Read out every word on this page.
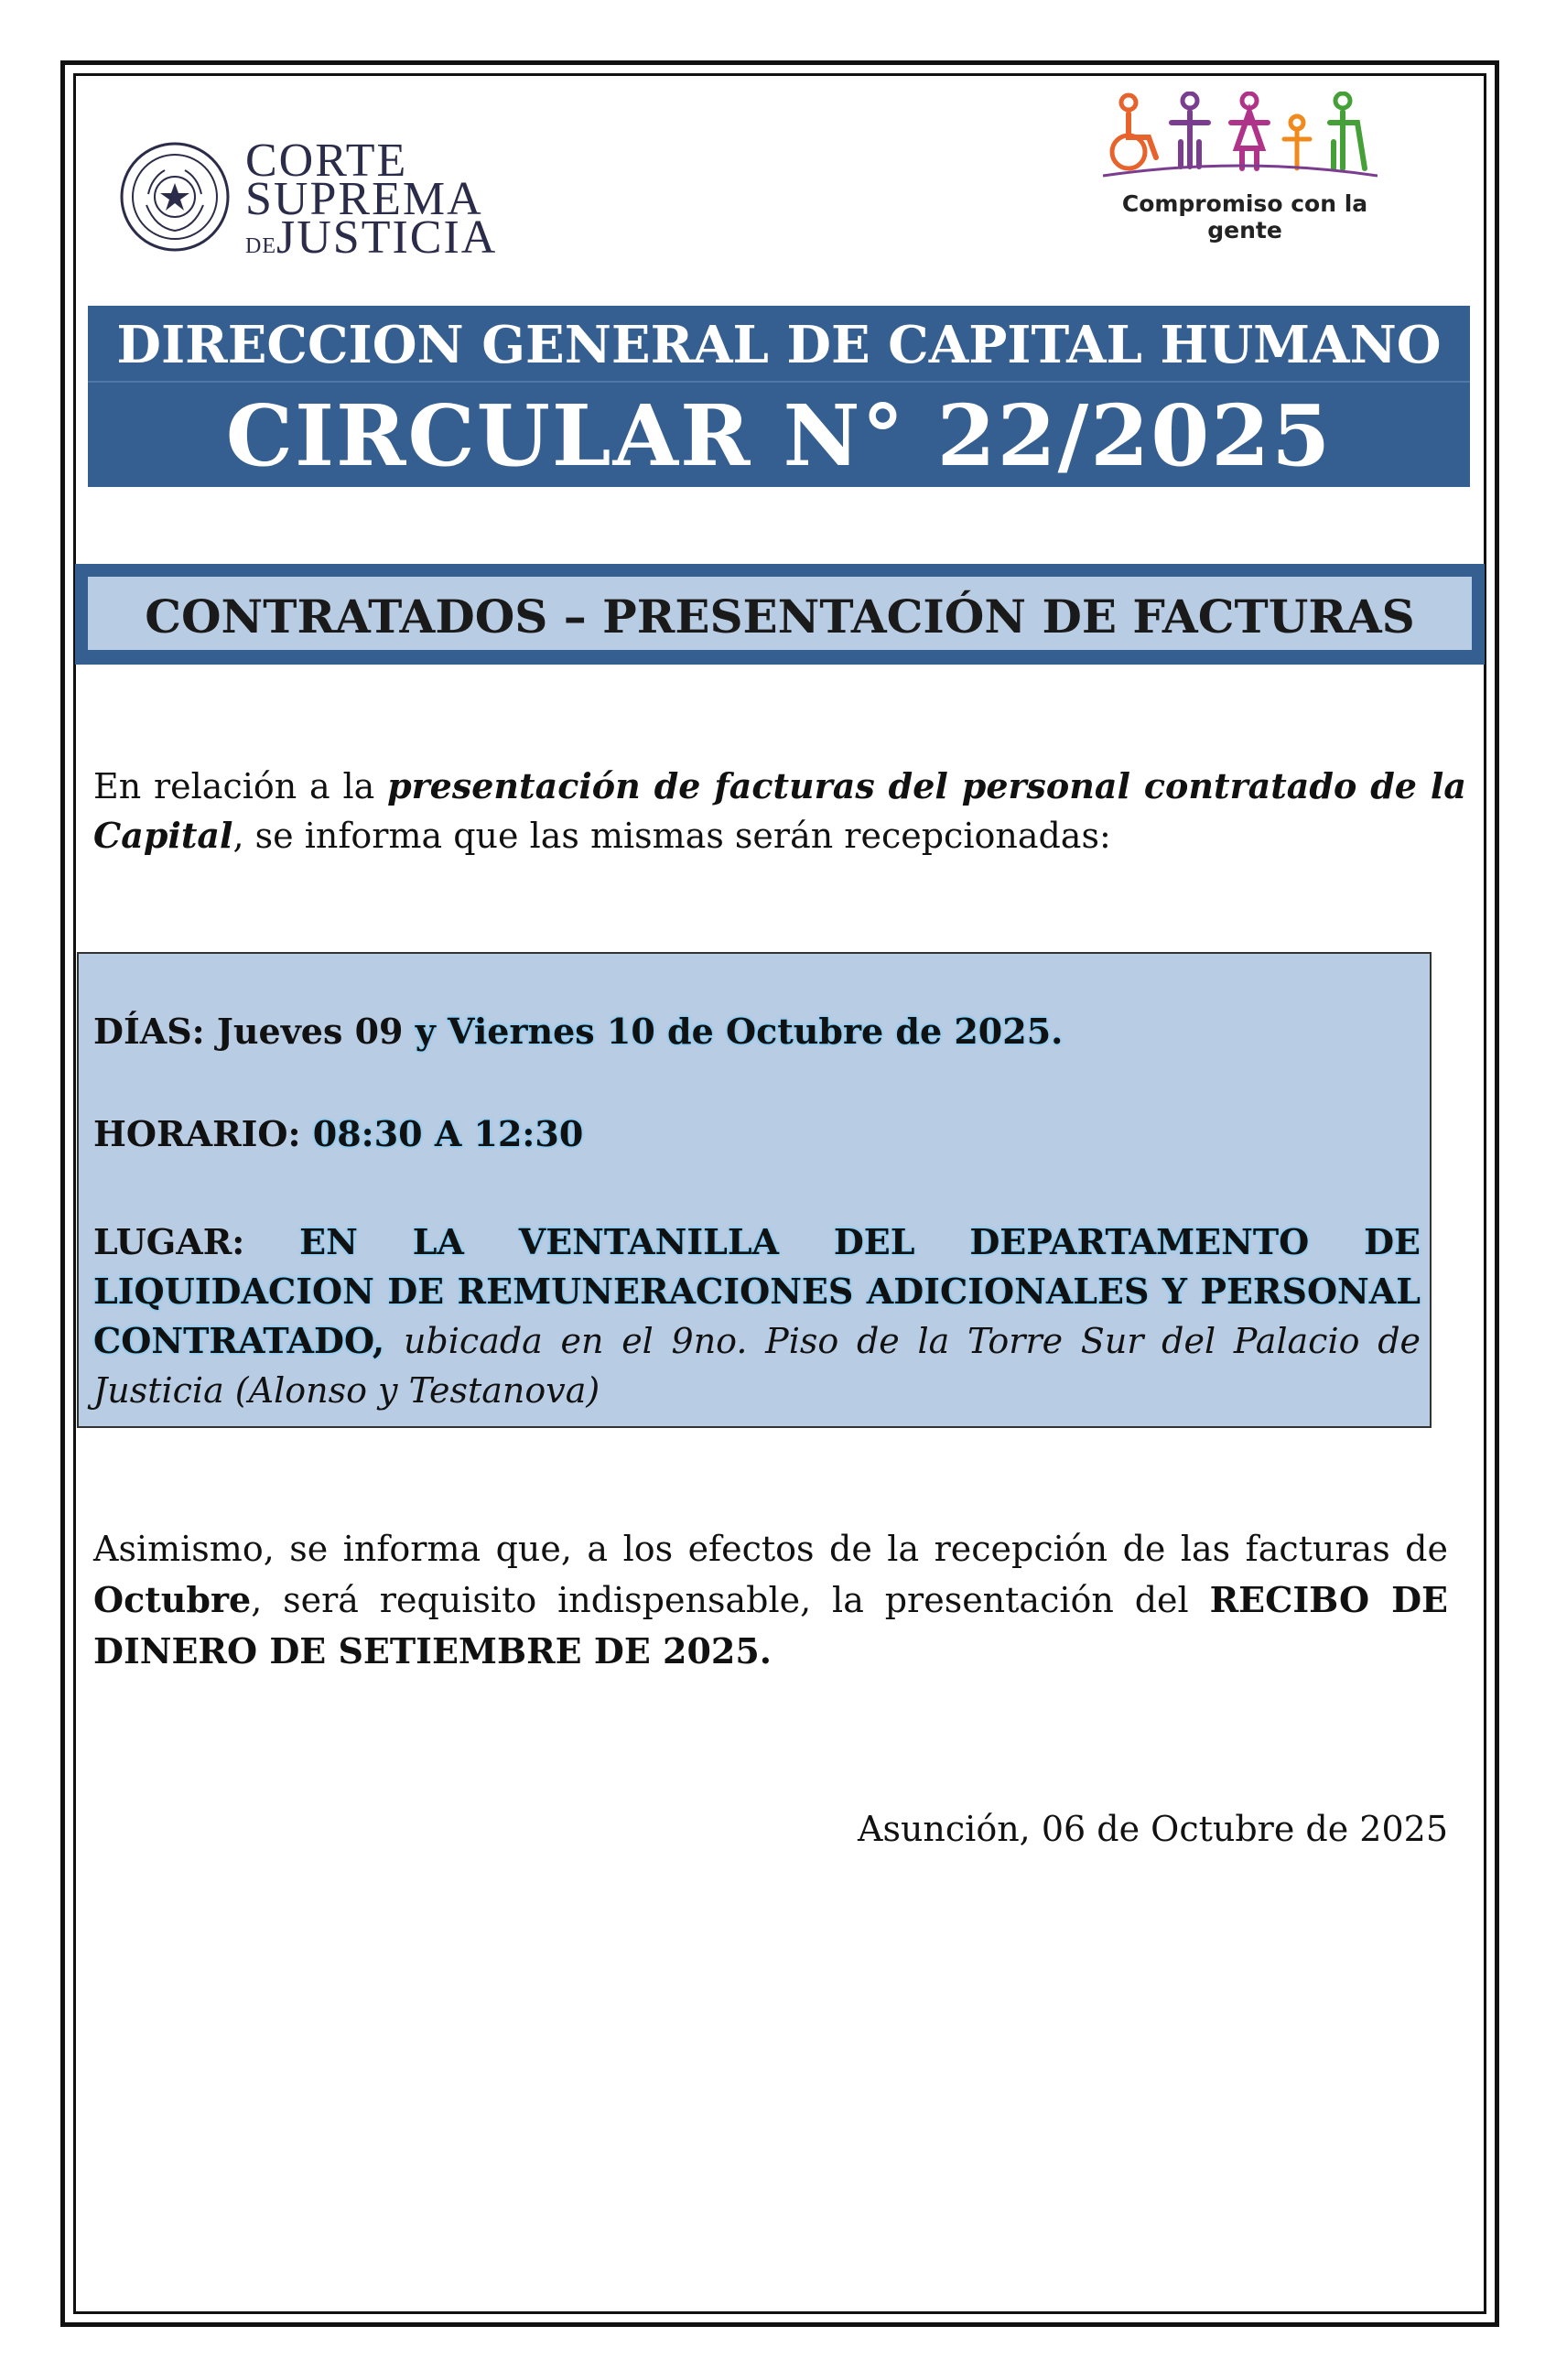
CORTE
SUPREMA
DEJUSTICIA
Compromiso con la gente
DIRECCION GENERAL DE CAPITAL HUMANO
CIRCULAR N° 22/2025
CONTRATADOS – PRESENTACIÓN DE FACTURAS
En relación a la presentación de facturas del personal contratado de la Capital, se informa que las mismas serán recepcionadas:
DÍAS: Jueves 09 y Viernes 10 de Octubre de 2025.
HORARIO: 08:30 A 12:30
LUGAR: EN LA VENTANILLA DEL DEPARTAMENTO DE LIQUIDACION DE REMUNERACIONES ADICIONALES Y PERSONAL CONTRATADO, ubicada en el 9no. Piso de la Torre Sur del Palacio de Justicia (Alonso y Testanova)
Asimismo, se informa que, a los efectos de la recepción de las facturas de Octubre, será requisito indispensable, la presentación del RECIBO DE DINERO DE SETIEMBRE DE 2025.
Asunción, 06 de Octubre de 2025
